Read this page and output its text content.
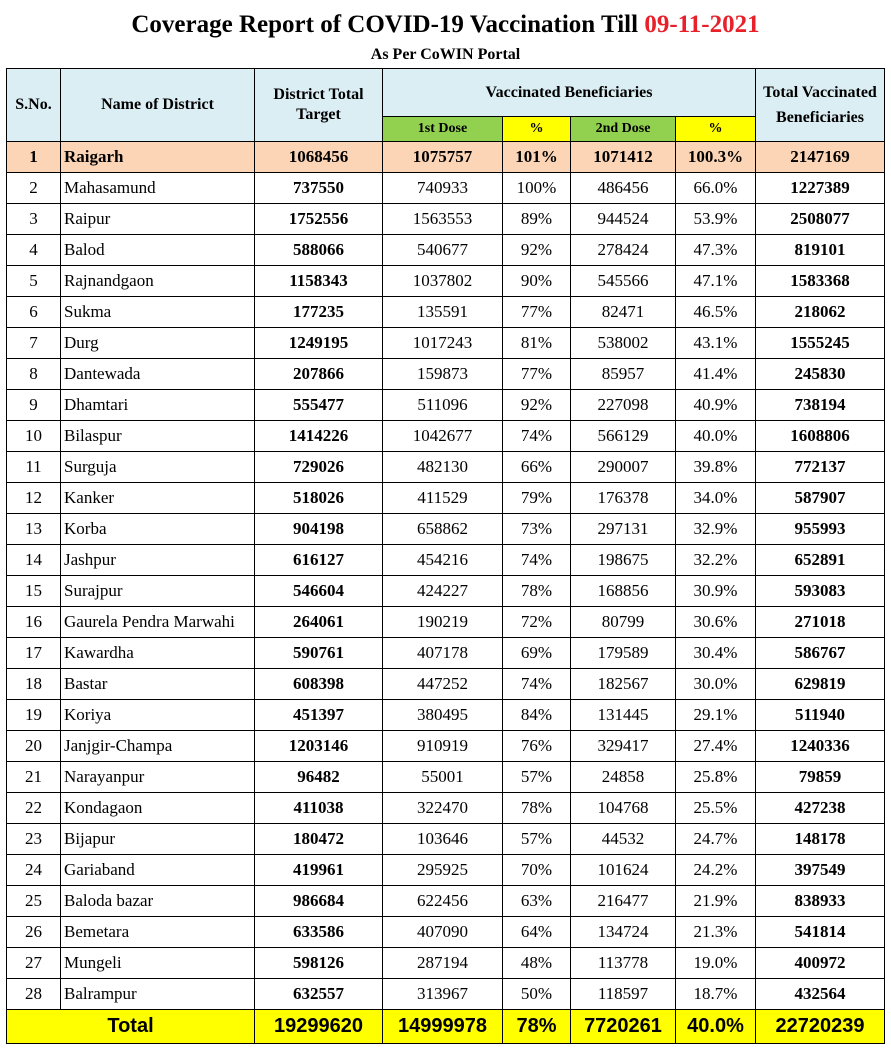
Coverage Report of COVID-19 Vaccination Till 09-11-2021
As Per CoWIN Portal
S.No.	Name of District	District Total Target	Vaccinated Beneficiaries				Total Vaccinated Beneficiaries
			1st Dose	%	2nd Dose	%	
1	Raigarh	1068456	1075757	101%	1071412	100.3%	2147169
2	Mahasamund	737550	740933	100%	486456	66.0%	1227389
3	Raipur	1752556	1563553	89%	944524	53.9%	2508077
4	Balod	588066	540677	92%	278424	47.3%	819101
5	Rajnandgaon	1158343	1037802	90%	545566	47.1%	1583368
6	Sukma	177235	135591	77%	82471	46.5%	218062
7	Durg	1249195	1017243	81%	538002	43.1%	1555245
8	Dantewada	207866	159873	77%	85957	41.4%	245830
9	Dhamtari	555477	511096	92%	227098	40.9%	738194
10	Bilaspur	1414226	1042677	74%	566129	40.0%	1608806
11	Surguja	729026	482130	66%	290007	39.8%	772137
12	Kanker	518026	411529	79%	176378	34.0%	587907
13	Korba	904198	658862	73%	297131	32.9%	955993
14	Jashpur	616127	454216	74%	198675	32.2%	652891
15	Surajpur	546604	424227	78%	168856	30.9%	593083
16	Gaurela Pendra Marwahi	264061	190219	72%	80799	30.6%	271018
17	Kawardha	590761	407178	69%	179589	30.4%	586767
18	Bastar	608398	447252	74%	182567	30.0%	629819
19	Koriya	451397	380495	84%	131445	29.1%	511940
20	Janjgir-Champa	1203146	910919	76%	329417	27.4%	1240336
21	Narayanpur	96482	55001	57%	24858	25.8%	79859
22	Kondagaon	411038	322470	78%	104768	25.5%	427238
23	Bijapur	180472	103646	57%	44532	24.7%	148178
24	Gariaband	419961	295925	70%	101624	24.2%	397549
25	Baloda bazar	986684	622456	63%	216477	21.9%	838933
26	Bemetara	633586	407090	64%	134724	21.3%	541814
27	Mungeli	598126	287194	48%	113778	19.0%	400972
28	Balrampur	632557	313967	50%	118597	18.7%	432564
Total		19299620	14999978	78%	7720261	40.0%	22720239
